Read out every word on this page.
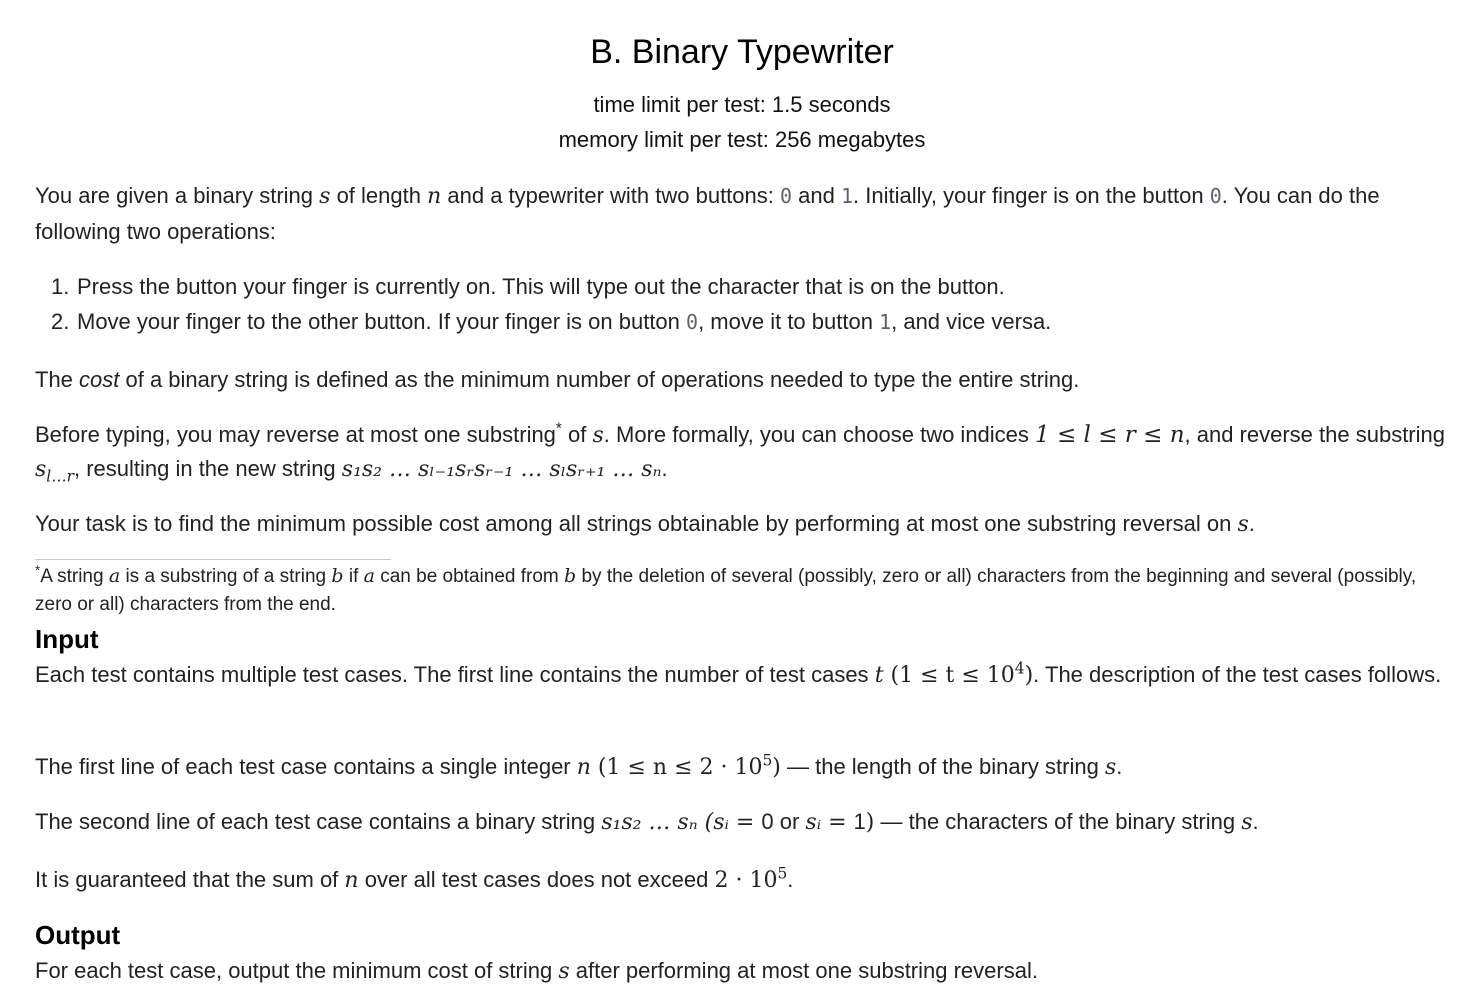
B. Binary Typewriter
time limit per test: 1.5 seconds
memory limit per test: 256 megabytes

You are given a binary string s of length n and a typewriter with two buttons: 0 and 1. Initially, your finger is on the button 0. You can do the following two operations:

1. Press the button your finger is currently on. This will type out the character that is on the button.
2. Move your finger to the other button. If your finger is on button 0, move it to button 1, and vice versa.

The cost of a binary string is defined as the minimum number of operations needed to type the entire string.

Before typing, you may reverse at most one substring* of s. More formally, you can choose two indices 1 ≤ l ≤ r ≤ n, and reverse the substring $s_{l\dots r}$, resulting in the new string s₁s₂ … sₗ₋₁sᵣsᵣ₋₁ … sₗsᵣ₊₁ … sₙ.

Your task is to find the minimum possible cost among all strings obtainable by performing at most one substring reversal on s.

*A string a is a substring of a string b if a can be obtained from b by the deletion of several (possibly, zero or all) characters from the beginning and several (possibly, zero or all) characters from the end.
Input

Each test contains multiple test cases. The first line contains the number of test cases t $(1 \le t \le 10^4)$. The description of the test cases follows.

The first line of each test case contains a single integer n $(1 \le n \le 2 \cdot 10^5)$ — the length of the binary string s.

The second line of each test case contains a binary string s₁s₂ … sₙ (sᵢ = 0 or sᵢ = 1) — the characters of the binary string s.

It is guaranteed that the sum of n over all test cases does not exceed $2 \cdot 10^5$.

Output

For each test case, output the minimum cost of string s after performing at most one substring reversal.
